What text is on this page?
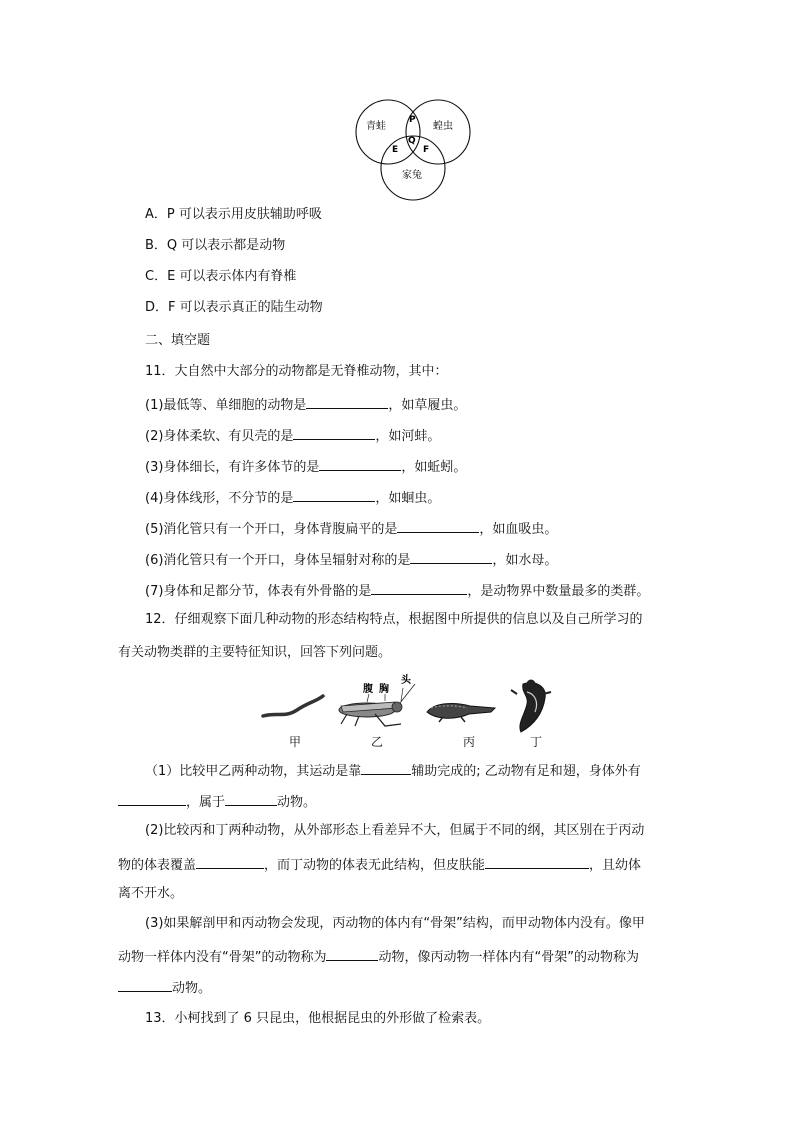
青蛙	蝗虫
家兔
P
Q
E	F
A．P 可以表示用皮肤辅助呼吸
B．Q 可以表示都是动物
C．E 可以表示体内有脊椎
D．F 可以表示真正的陆生动物
二、填空题
11．大自然中大部分的动物都是无脊椎动物，其中：
(1)最低等、单细胞的动物是	，如草履虫。
(2)身体柔软、有贝壳的是	，如河蚌。
(3)身体细长，有许多体节的是	，如蚯蚓。
(4)身体线形，不分节的是	，如蛔虫。
(5)消化管只有一个开口，身体背腹扁平的是	，如血吸虫。
(6)消化管只有一个开口，身体呈辐射对称的是	，如水母。
(7)身体和足都分节，体表有外骨骼的是	，是动物界中数量最多的类群。
12．仔细观察下面几种动物的形态结构特点，根据图中所提供的信息以及自己所学习的
有关动物类群的主要特征知识，回答下列问题。
腹 胸
头
甲	乙	丙	丁
（1）比较甲乙两种动物，其运动是靠	辅助完成的; 乙动物有足和翅，身体外有
，属于	动物。
(2)比较丙和丁两种动物，从外部形态上看差异不大，但属于不同的纲，其区别在于丙动
物的体表覆盖	，而丁动物的体表无此结构，但皮肤能	，且幼体
离不开水。
(3)如果解剖甲和丙动物会发现，丙动物的体内有“骨架”结构，而甲动物体内没有。像甲
动物一样体内没有“骨架”的动物称为	动物，像丙动物一样体内有“骨架”的动物称为
动物。
13．小柯找到了 6 只昆虫，他根据昆虫的外形做了检索表。
